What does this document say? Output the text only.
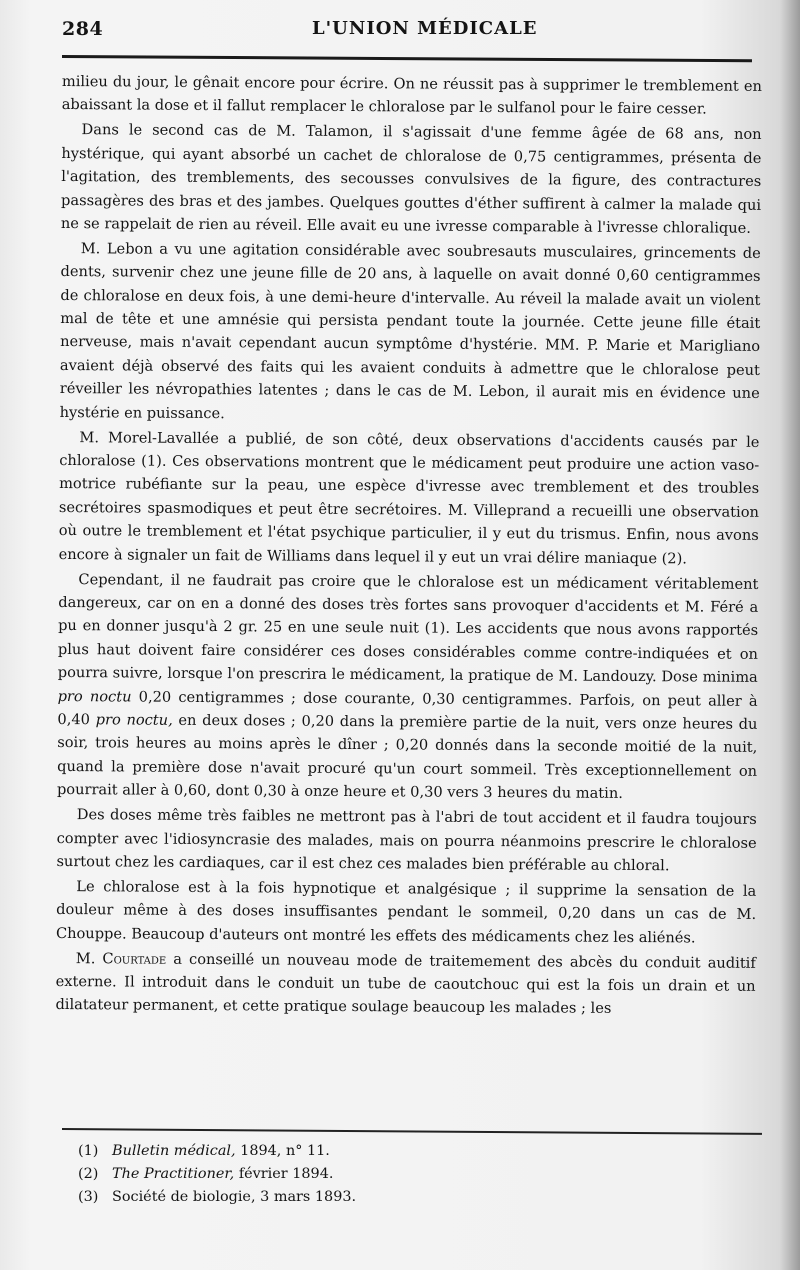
284	L'UNION MÉDICALE

milieu du jour, le gênait encore pour écrire. On ne réussit pas à supprimer le tremblement en abaissant la dose et il fallut remplacer le chloralose par le sulfanol pour le faire cesser.

Dans le second cas de M. Talamon, il s'agissait d'une femme âgée de 68 ans, non hystérique, qui ayant absorbé un cachet de chloralose de 0,75 centigrammes, présenta de l'agitation, des tremblements, des secousses convulsives de la figure, des contractures passagères des bras et des jambes. Quelques gouttes d'éther suffirent à calmer la malade qui ne se rappelait de rien au réveil. Elle avait eu une ivresse comparable à l'ivresse chloralique.

M. Lebon a vu une agitation considérable avec soubresauts musculaires, grincements de dents, survenir chez une jeune fille de 20 ans, à laquelle on avait donné 0,60 centigrammes de chloralose en deux fois, à une demi-heure d'intervalle. Au réveil la malade avait un violent mal de tête et une amnésie qui persista pendant toute la journée. Cette jeune fille était nerveuse, mais n'avait cependant aucun symptôme d'hystérie. MM. P. Marie et Marigliano avaient déjà observé des faits qui les avaient conduits à admettre que le chloralose peut réveiller les névropathies latentes ; dans le cas de M. Lebon, il aurait mis en évidence une hystérie en puissance.

M. Morel-Lavallée a publié, de son côté, deux observations d'accidents causés par le chloralose (1). Ces observations montrent que le médicament peut produire une action vaso-motrice rubéfiante sur la peau, une espèce d'ivresse avec tremblement et des troubles secrétoires spasmodiques et peut être secrétoires. M. Villeprand a recueilli une observation où outre le tremblement et l'état psychique particulier, il y eut du trismus. Enfin, nous avons encore à signaler un fait de Williams dans lequel il y eut un vrai délire maniaque (2).

Cependant, il ne faudrait pas croire que le chloralose est un médicament véritablement dangereux, car on en a donné des doses très fortes sans provoquer d'accidents et M. Féré a pu en donner jusqu'à 2 gr. 25 en une seule nuit (1). Les accidents que nous avons rapportés plus haut doivent faire considérer ces doses considérables comme contre-indiquées et on pourra suivre, lorsque l'on prescrira le médicament, la pratique de M. Landouzy. Dose minima pro noctu 0,20 centigrammes ; dose courante, 0,30 centigrammes. Parfois, on peut aller à 0,40 pro noctu, en deux doses ; 0,20 dans la première partie de la nuit, vers onze heures du soir, trois heures au moins après le dîner ; 0,20 donnés dans la seconde moitié de la nuit, quand la première dose n'avait procuré qu'un court sommeil. Très exceptionnellement on pourrait aller à 0,60, dont 0,30 à onze heure et 0,30 vers 3 heures du matin.

Des doses même très faibles ne mettront pas à l'abri de tout accident et il faudra toujours compter avec l'idiosyncrasie des malades, mais on pourra néanmoins prescrire le chloralose surtout chez les cardiaques, car il est chez ces malades bien préférable au chloral.

Le chloralose est à la fois hypnotique et analgésique ; il supprime la sensation de la douleur même à des doses insuffisantes pendant le sommeil, 0,20 dans un cas de M. Chouppe. Beaucoup d'auteurs ont montré les effets des médicaments chez les aliénés.

M. Courtade a conseillé un nouveau mode de traitemement des abcès du conduit auditif externe. Il introduit dans le conduit un tube de caoutchouc qui est la fois un drain et un dilatateur permanent, et cette pratique soulage beaucoup les malades ; les

(1) Bulletin médical, 1894, n° 11.

(2) The Practitioner, février 1894.

(3) Société de biologie, 3 mars 1893.
